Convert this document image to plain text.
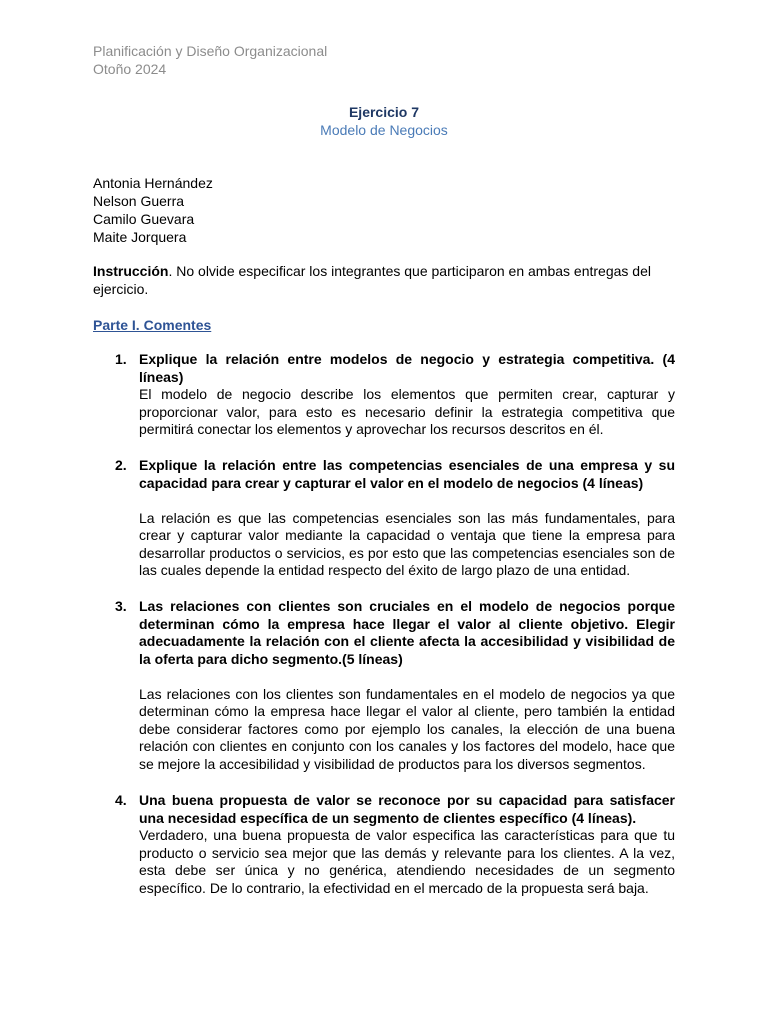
Planificación y Diseño Organizacional
Otoño 2024
Ejercicio 7
Modelo de Negocios
Antonia Hernández
Nelson Guerra
Camilo Guevara
Maite Jorquera
Instrucción. No olvide especificar los integrantes que participaron en ambas entregas del ejercicio.
Parte I. Comentes
1. Explique la relación entre modelos de negocio y estrategia competitiva. (4 líneas)

El modelo de negocio describe los elementos que permiten crear, capturar y proporcionar valor, para esto es necesario definir la estrategia competitiva que permitirá conectar los elementos y aprovechar los recursos descritos en él.

2. Explique la relación entre las competencias esenciales de una empresa y su capacidad para crear y capturar el valor en el modelo de negocios (4 líneas)

La relación es que las competencias esenciales son las más fundamentales, para crear y capturar valor mediante la capacidad o ventaja que tiene la empresa para desarrollar productos o servicios, es por esto que las competencias esenciales son de las cuales depende la entidad respecto del éxito de largo plazo de una entidad.

3. Las relaciones con clientes son cruciales en el modelo de negocios porque determinan cómo la empresa hace llegar el valor al cliente objetivo. Elegir adecuadamente la relación con el cliente afecta la accesibilidad y visibilidad de la oferta para dicho segmento.(5 líneas)

Las relaciones con los clientes son fundamentales en el modelo de negocios ya que determinan cómo la empresa hace llegar el valor al cliente, pero también la entidad debe considerar factores como por ejemplo los canales, la elección de una buena relación con clientes en conjunto con los canales y los factores del modelo, hace que se mejore la accesibilidad y visibilidad de productos para los diversos segmentos.

4. Una buena propuesta de valor se reconoce por su capacidad para satisfacer una necesidad específica de un segmento de clientes específico (4 líneas).

Verdadero, una buena propuesta de valor especifica las características para que tu producto o servicio sea mejor que las demás y relevante para los clientes. A la vez, esta debe ser única y no genérica, atendiendo necesidades de un segmento específico. De lo contrario, la efectividad en el mercado de la propuesta será baja.
